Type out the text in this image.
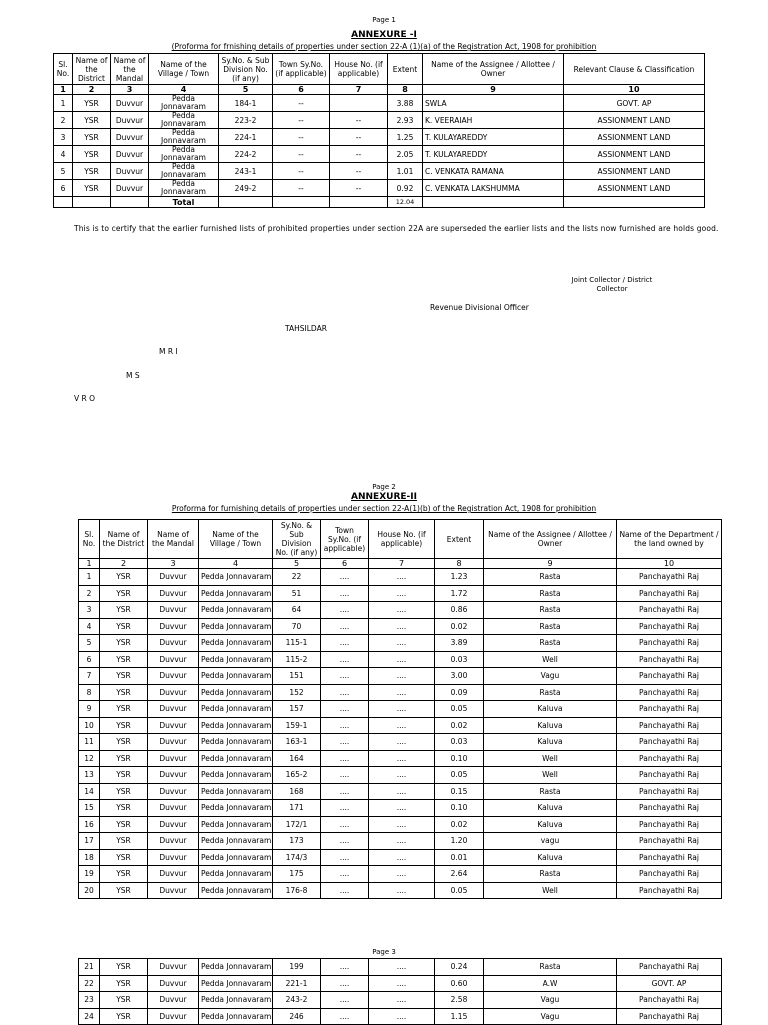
Page 1
ANNEXURE -I
(Proforma for frnishing details of properties under section 22-A (1)(a) of the Registration Act, 1908 for prohibition
Sl. No.	Name of the District	Name of the Mandal	Name of the Village / Town	Sy.No. & Sub Division No. (if any)	Town Sy.No. (if applicable)	House No. (if applicable)	Extent	Name of the Assignee / Allottee / Owner	Relevant Clause & Classification
1	2	3	4	5	6	7	8	9	10
1	YSR	Duvvur	Pedda Jonnavaram	184-1	--		3.88	SWLA	GOVT. AP
2	YSR	Duvvur	Pedda Jonnavaram	223-2	--	--	2.93	K. VEERAIAH	ASSIONMENT LAND
3	YSR	Duvvur	Pedda Jonnavaram	224-1	--	--	1.25	T. KULAYAREDDY	ASSIONMENT LAND
4	YSR	Duvvur	Pedda Jonnavaram	224-2	--	--	2.05	T. KULAYAREDDY	ASSIONMENT LAND
5	YSR	Duvvur	Pedda Jonnavaram	243-1	--	--	1.01	C. VENKATA RAMANA	ASSIONMENT LAND
6	YSR	Duvvur	Pedda Jonnavaram	249-2	--	--	0.92	C. VENKATA LAKSHUMMA	ASSIONMENT LAND
			Total				12.04		
This is to certify that the earlier furnished lists of prohibited properties under section 22A are superseded the earlier lists and the lists now furnished are holds good.
Joint Collector / District Collector
Revenue Divisional Officer
TAHSILDAR
M R I
M S
V R O
Page 2
ANNEXURE-II
Proforma for furnishing details of properties under section 22-A(1)(b) of the Registration Act, 1908 for prohibition
Sl. No.	Name of the District	Name of the Mandal	Name of the Village / Town	Sy.No. & Sub Division No. (if any)	Town Sy.No. (if applicable)	House No. (if applicable)	Extent	Name of the Assignee / Allottee / Owner	Name of the Department / the land owned by
1	2	3	4	5	6	7	8	9	10
1	YSR	Duvvur	Pedda Jonnavaram	22	....	....	1.23	Rasta	Panchayathi Raj
2	YSR	Duvvur	Pedda Jonnavaram	51	....	....	1.72	Rasta	Panchayathi Raj
3	YSR	Duvvur	Pedda Jonnavaram	64	....	....	0.86	Rasta	Panchayathi Raj
4	YSR	Duvvur	Pedda Jonnavaram	70	....	....	0.02	Rasta	Panchayathi Raj
5	YSR	Duvvur	Pedda Jonnavaram	115-1	....	....	3.89	Rasta	Panchayathi Raj
6	YSR	Duvvur	Pedda Jonnavaram	115-2	....	....	0.03	Well	Panchayathi Raj
7	YSR	Duvvur	Pedda Jonnavaram	151	....	....	3.00	Vagu	Panchayathi Raj
8	YSR	Duvvur	Pedda Jonnavaram	152	....	....	0.09	Rasta	Panchayathi Raj
9	YSR	Duvvur	Pedda Jonnavaram	157	....	....	0.05	Kaluva	Panchayathi Raj
10	YSR	Duvvur	Pedda Jonnavaram	159-1	....	....	0.02	Kaluva	Panchayathi Raj
11	YSR	Duvvur	Pedda Jonnavaram	163-1	....	....	0.03	Kaluva	Panchayathi Raj
12	YSR	Duvvur	Pedda Jonnavaram	164	....	....	0.10	Well	Panchayathi Raj
13	YSR	Duvvur	Pedda Jonnavaram	165-2	....	....	0.05	Well	Panchayathi Raj
14	YSR	Duvvur	Pedda Jonnavaram	168	....	....	0.15	Rasta	Panchayathi Raj
15	YSR	Duvvur	Pedda Jonnavaram	171	....	....	0.10	Kaluva	Panchayathi Raj
16	YSR	Duvvur	Pedda Jonnavaram	172/1	....	....	0.02	Kaluva	Panchayathi Raj
17	YSR	Duvvur	Pedda Jonnavaram	173	....	....	1.20	vagu	Panchayathi Raj
18	YSR	Duvvur	Pedda Jonnavaram	174/3	....	....	0.01	Kaluva	Panchayathi Raj
19	YSR	Duvvur	Pedda Jonnavaram	175	....	....	2.64	Rasta	Panchayathi Raj
20	YSR	Duvvur	Pedda Jonnavaram	176-8	....	....	0.05	Well	Panchayathi Raj
Page 3
21	YSR	Duvvur	Pedda Jonnavaram	199	....	....	0.24	Rasta	Panchayathi Raj
22	YSR	Duvvur	Pedda Jonnavaram	221-1	....	....	0.60	A.W	GOVT. AP
23	YSR	Duvvur	Pedda Jonnavaram	243-2	....	....	2.58	Vagu	Panchayathi Raj
24	YSR	Duvvur	Pedda Jonnavaram	246	....	....	1.15	Vagu	Panchayathi Raj
